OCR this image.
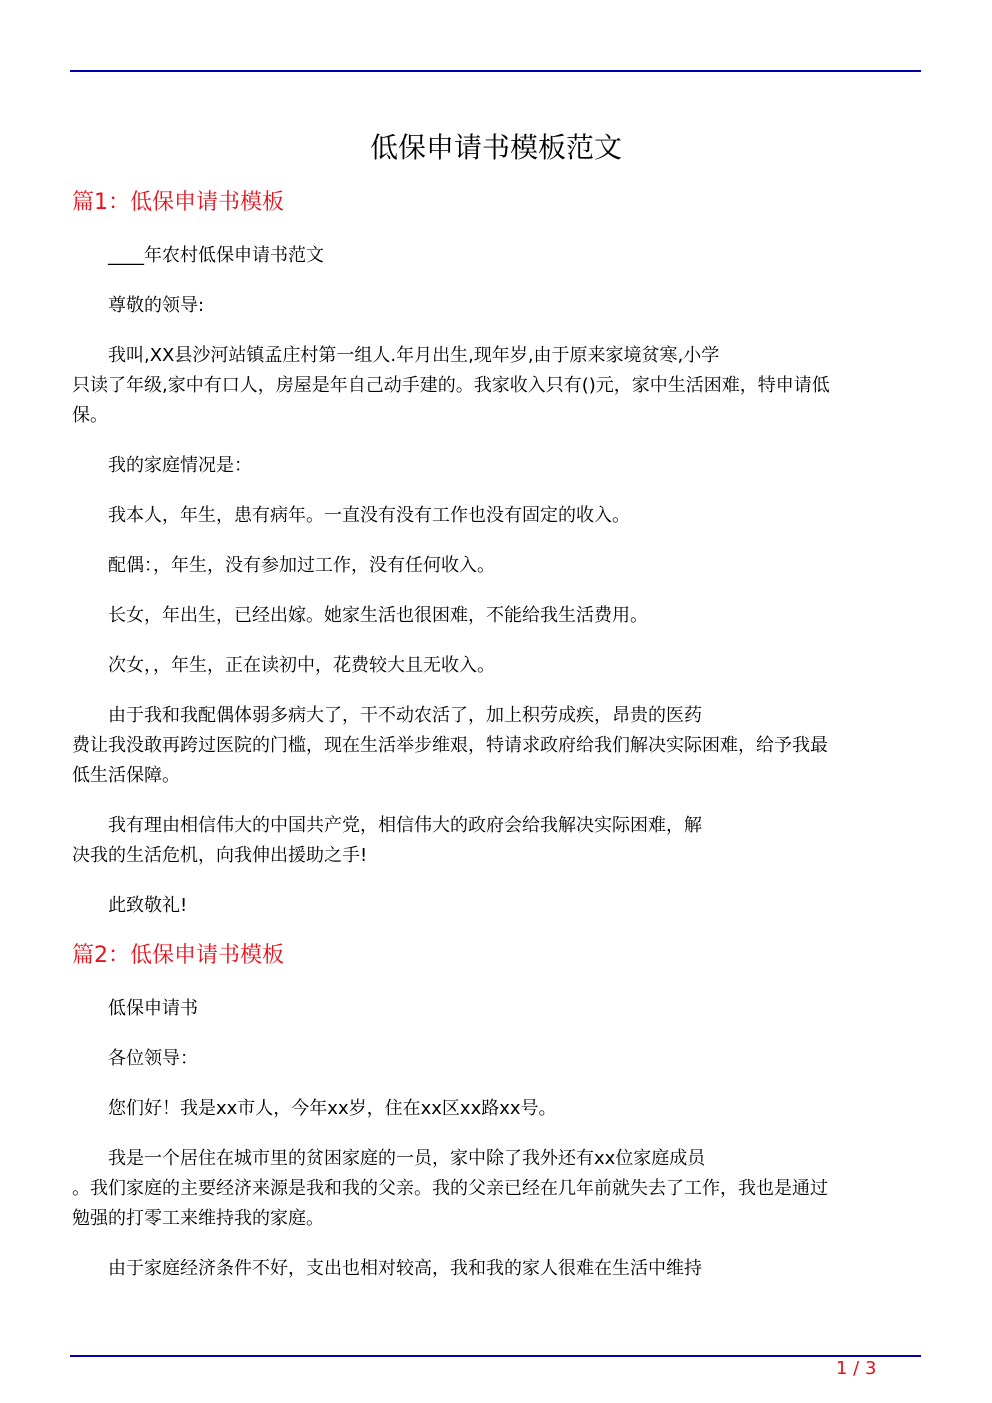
低保申请书模板范文
篇1：低保申请书模板
____年农村低保申请书范文
尊敬的领导:
我叫,XX县沙河站镇孟庄村第一组人.年月出生,现年岁,由于原来家境贫寒,小学
只读了年级,家中有口人，房屋是年自己动手建的。我家收入只有()元，家中生活困难，特申请低
保。
我的家庭情况是：
我本人，年生，患有病年。一直没有没有工作也没有固定的收入。
配偶：，年生，没有参加过工作，没有任何收入。
长女，年出生，已经出嫁。她家生活也很困难，不能给我生活费用。
次女，，年生，正在读初中，花费较大且无收入。
由于我和我配偶体弱多病大了，干不动农活了，加上积劳成疾，昂贵的医药
费让我没敢再跨过医院的门槛，现在生活举步维艰，特请求政府给我们解决实际困难，给予我最
低生活保障。
我有理由相信伟大的中国共产党，相信伟大的政府会给我解决实际困难，解
决我的生活危机，向我伸出援助之手!
此致敬礼!
篇2：低保申请书模板
低保申请书
各位领导：
您们好！我是xx市人，今年xx岁，住在xx区xx路xx号。
我是一个居住在城市里的贫困家庭的一员，家中除了我外还有xx位家庭成员
。我们家庭的主要经济来源是我和我的父亲。我的父亲已经在几年前就失去了工作，我也是通过
勉强的打零工来维持我的家庭。
由于家庭经济条件不好，支出也相对较高，我和我的家人很难在生活中维持
1 / 3
